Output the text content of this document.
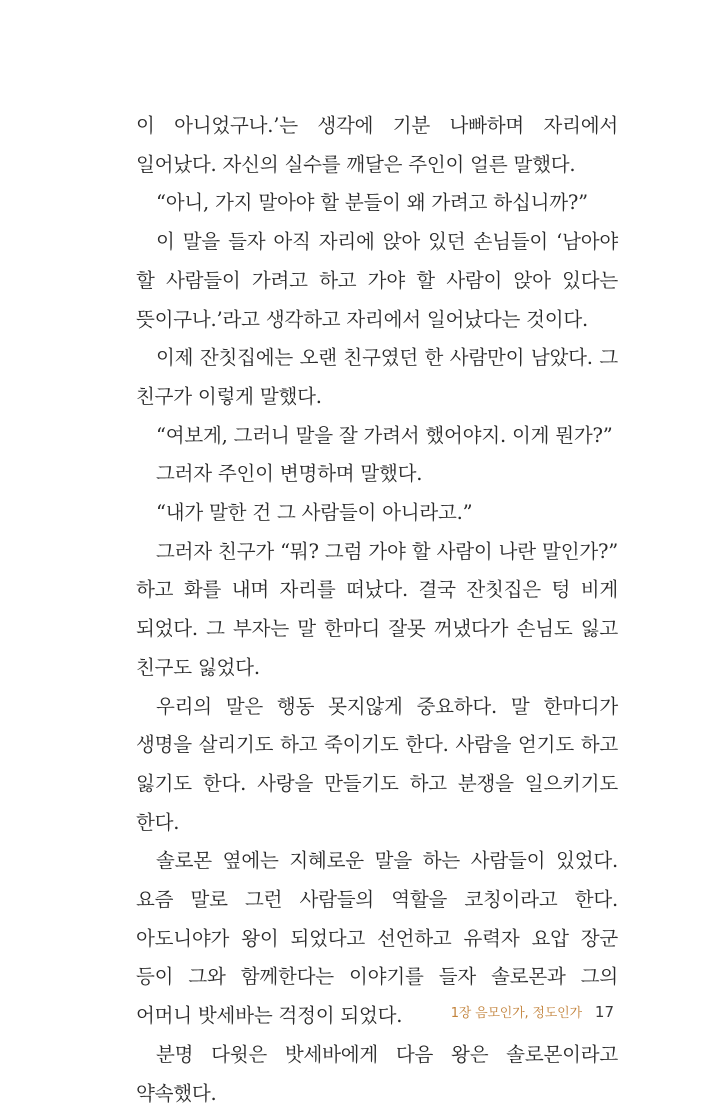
이 아니었구나.’는 생각에 기분 나빠하며 자리에서 일어났다. 자신의 실수를 깨달은 주인이 얼른 말했다.

“아니, 가지 말아야 할 분들이 왜 가려고 하십니까?”

이 말을 들자 아직 자리에 앉아 있던 손님들이 ‘남아야 할 사람들이 가려고 하고 가야 할 사람이 앉아 있다는 뜻이구나.’라고 생각하고 자리에서 일어났다는 것이다.

이제 잔칫집에는 오랜 친구였던 한 사람만이 남았다. 그 친구가 이렇게 말했다.

“여보게, 그러니 말을 잘 가려서 했어야지. 이게 뭔가?”

그러자 주인이 변명하며 말했다.

“내가 말한 건 그 사람들이 아니라고.”

그러자 친구가 “뭐? 그럼 가야 할 사람이 나란 말인가?” 하고 화를 내며 자리를 떠났다. 결국 잔칫집은 텅 비게 되었다. 그 부자는 말 한마디 잘못 꺼냈다가 손님도 잃고 친구도 잃었다.

우리의 말은 행동 못지않게 중요하다. 말 한마디가 생명을 살리기도 하고 죽이기도 한다. 사람을 얻기도 하고 잃기도 한다. 사랑을 만들기도 하고 분쟁을 일으키기도 한다.

솔로몬 옆에는 지혜로운 말을 하는 사람들이 있었다. 요즘 말로 그런 사람들의 역할을 코칭이라고 한다. 아도니야가 왕이 되었다고 선언하고 유력자 요압 장군 등이 그와 함께한다는 이야기를 들자 솔로몬과 그의 어머니 밧세바는 걱정이 되었다.

분명 다윗은 밧세바에게 다음 왕은 솔로몬이라고 약속했다.

1장 음모인가, 정도인가 17
